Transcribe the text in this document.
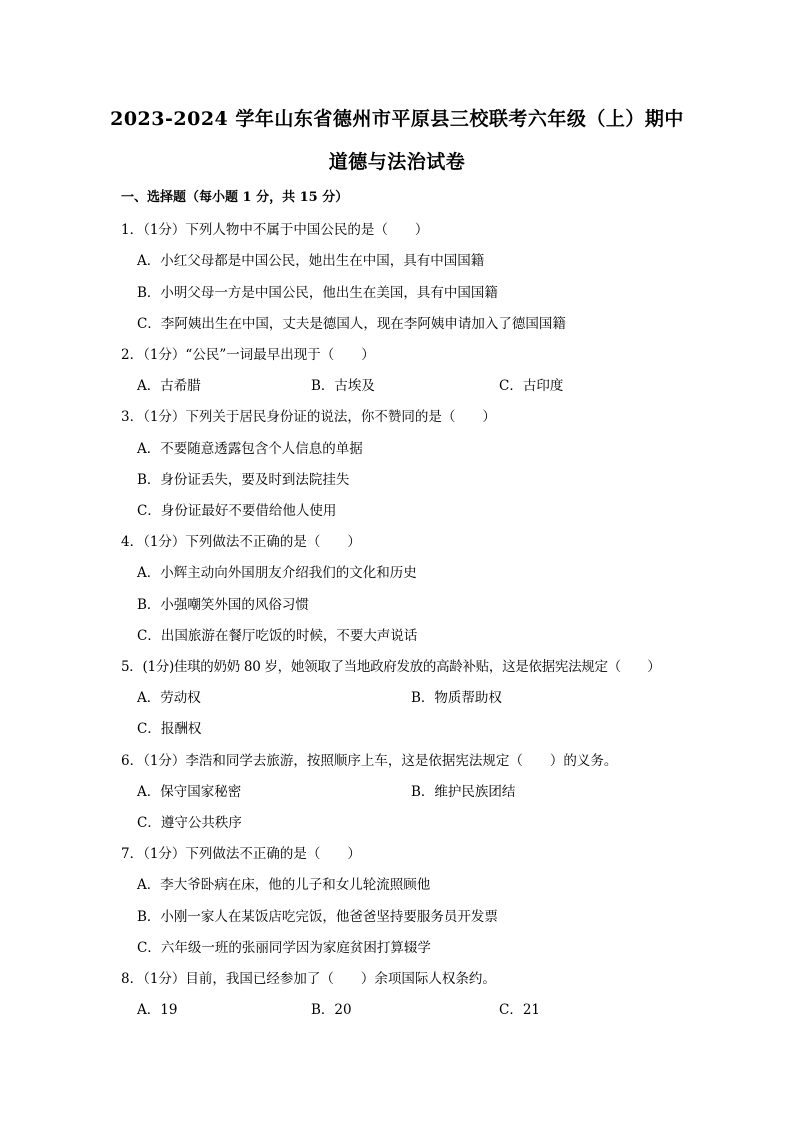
2023-2024 学年山东省德州市平原县三校联考六年级（上）期中
道德与法治试卷
一、选择题（每小题 1 分，共 15 分）
1．（1分）下列人物中不属于中国公民的是（　　）
A．小红父母都是中国公民，她出生在中国，具有中国国籍
B．小明父母一方是中国公民，他出生在美国，具有中国国籍
C．李阿姨出生在中国，丈夫是德国人，现在李阿姨申请加入了德国国籍
2．（1分）“公民”一词最早出现于（　　）
A．古希腊	B．古埃及	C．古印度
3．（1分）下列关于居民身份证的说法，你不赞同的是（　　）
A．不要随意透露包含个人信息的单据
B．身份证丢失，要及时到法院挂失
C．身份证最好不要借给他人使用
4．（1分）下列做法不正确的是（　　）
A．小辉主动向外国朋友介绍我们的文化和历史
B．小强嘲笑外国的风俗习惯
C．出国旅游在餐厅吃饭的时候，不要大声说话
5．(1分)佳琪的奶奶 80 岁，她领取了当地政府发放的高龄补贴，这是依据宪法规定（　　）
A．劳动权	B．物质帮助权
C．报酬权
6．（1分）李浩和同学去旅游，按照顺序上车，这是依据宪法规定（　　）的义务。
A．保守国家秘密	B．维护民族团结
C．遵守公共秩序
7．（1分）下列做法不正确的是（　　）
A．李大爷卧病在床，他的儿子和女儿轮流照顾他
B．小刚一家人在某饭店吃完饭，他爸爸坚持要服务员开发票
C．六年级一班的张丽同学因为家庭贫困打算辍学
8．（1分）目前，我国已经参加了（　　）余项国际人权条约。
A．19	B．20	C．21
